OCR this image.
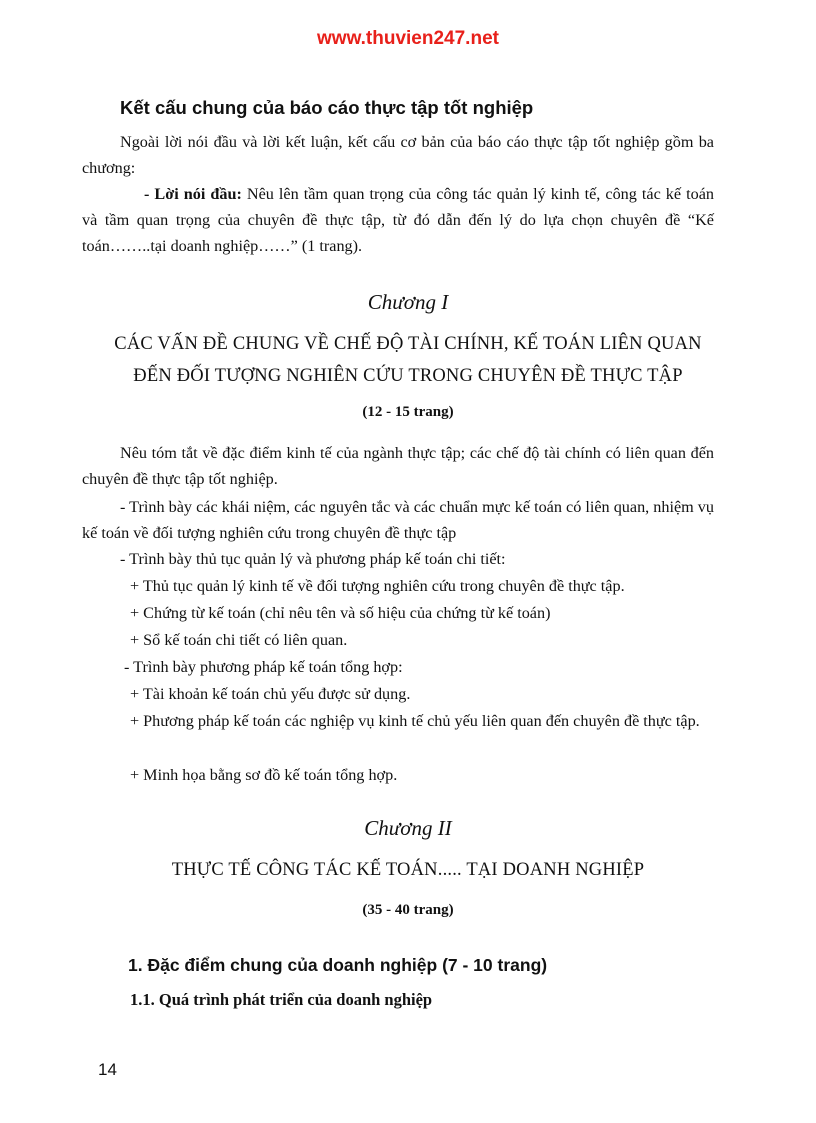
www.thuvien247.net

Kết cấu chung của báo cáo thực tập tốt nghiệp

Ngoài lời nói đầu và lời kết luận, kết cấu cơ bản của báo cáo thực tập tốt nghiệp gồm ba chương:

- Lời nói đầu: Nêu lên tầm quan trọng của công tác quản lý kinh tế, công tác kế toán và tầm quan trọng của chuyên đề thực tập, từ đó dẫn đến lý do lựa chọn chuyên đề “Kế toán……..tại doanh nghiệp……” (1 trang).

Chương I

CÁC VẤN ĐỀ CHUNG VỀ CHẾ ĐỘ TÀI CHÍNH, KẾ TOÁN LIÊN QUAN

ĐẾN ĐỐI TƯỢNG NGHIÊN CỨU TRONG CHUYÊN ĐỀ THỰC TẬP

(12 - 15 trang)

Nêu tóm tắt về đặc điểm kinh tế của ngành thực tập; các chế độ tài chính có liên quan đến chuyên đề thực tập tốt nghiệp.

- Trình bày các khái niệm, các nguyên tắc và các chuẩn mực kế toán có liên quan, nhiệm vụ kế toán về đối tượng nghiên cứu trong chuyên đề thực tập

- Trình bày thủ tục quản lý và phương pháp kế toán chi tiết:

+ Thủ tục quản lý kinh tế về đối tượng nghiên cứu trong chuyên đề thực tập.

+ Chứng từ kế toán (chỉ nêu tên và số hiệu của chứng từ kế toán)

+ Sổ kế toán chi tiết có liên quan.

- Trình bày phương pháp kế toán tổng hợp:

+ Tài khoản kế toán chủ yếu được sử dụng.

+ Phương pháp kế toán các nghiệp vụ kinh tế chủ yếu liên quan đến chuyên đề thực tập.

+ Minh họa bằng sơ đồ kế toán tổng hợp.

Chương II

THỰC TẾ CÔNG TÁC KẾ TOÁN..... TẠI DOANH NGHIỆP

(35 - 40 trang)

1. Đặc điểm chung của doanh nghiệp (7 - 10 trang)

1.1. Quá trình phát triển của doanh nghiệp

14
